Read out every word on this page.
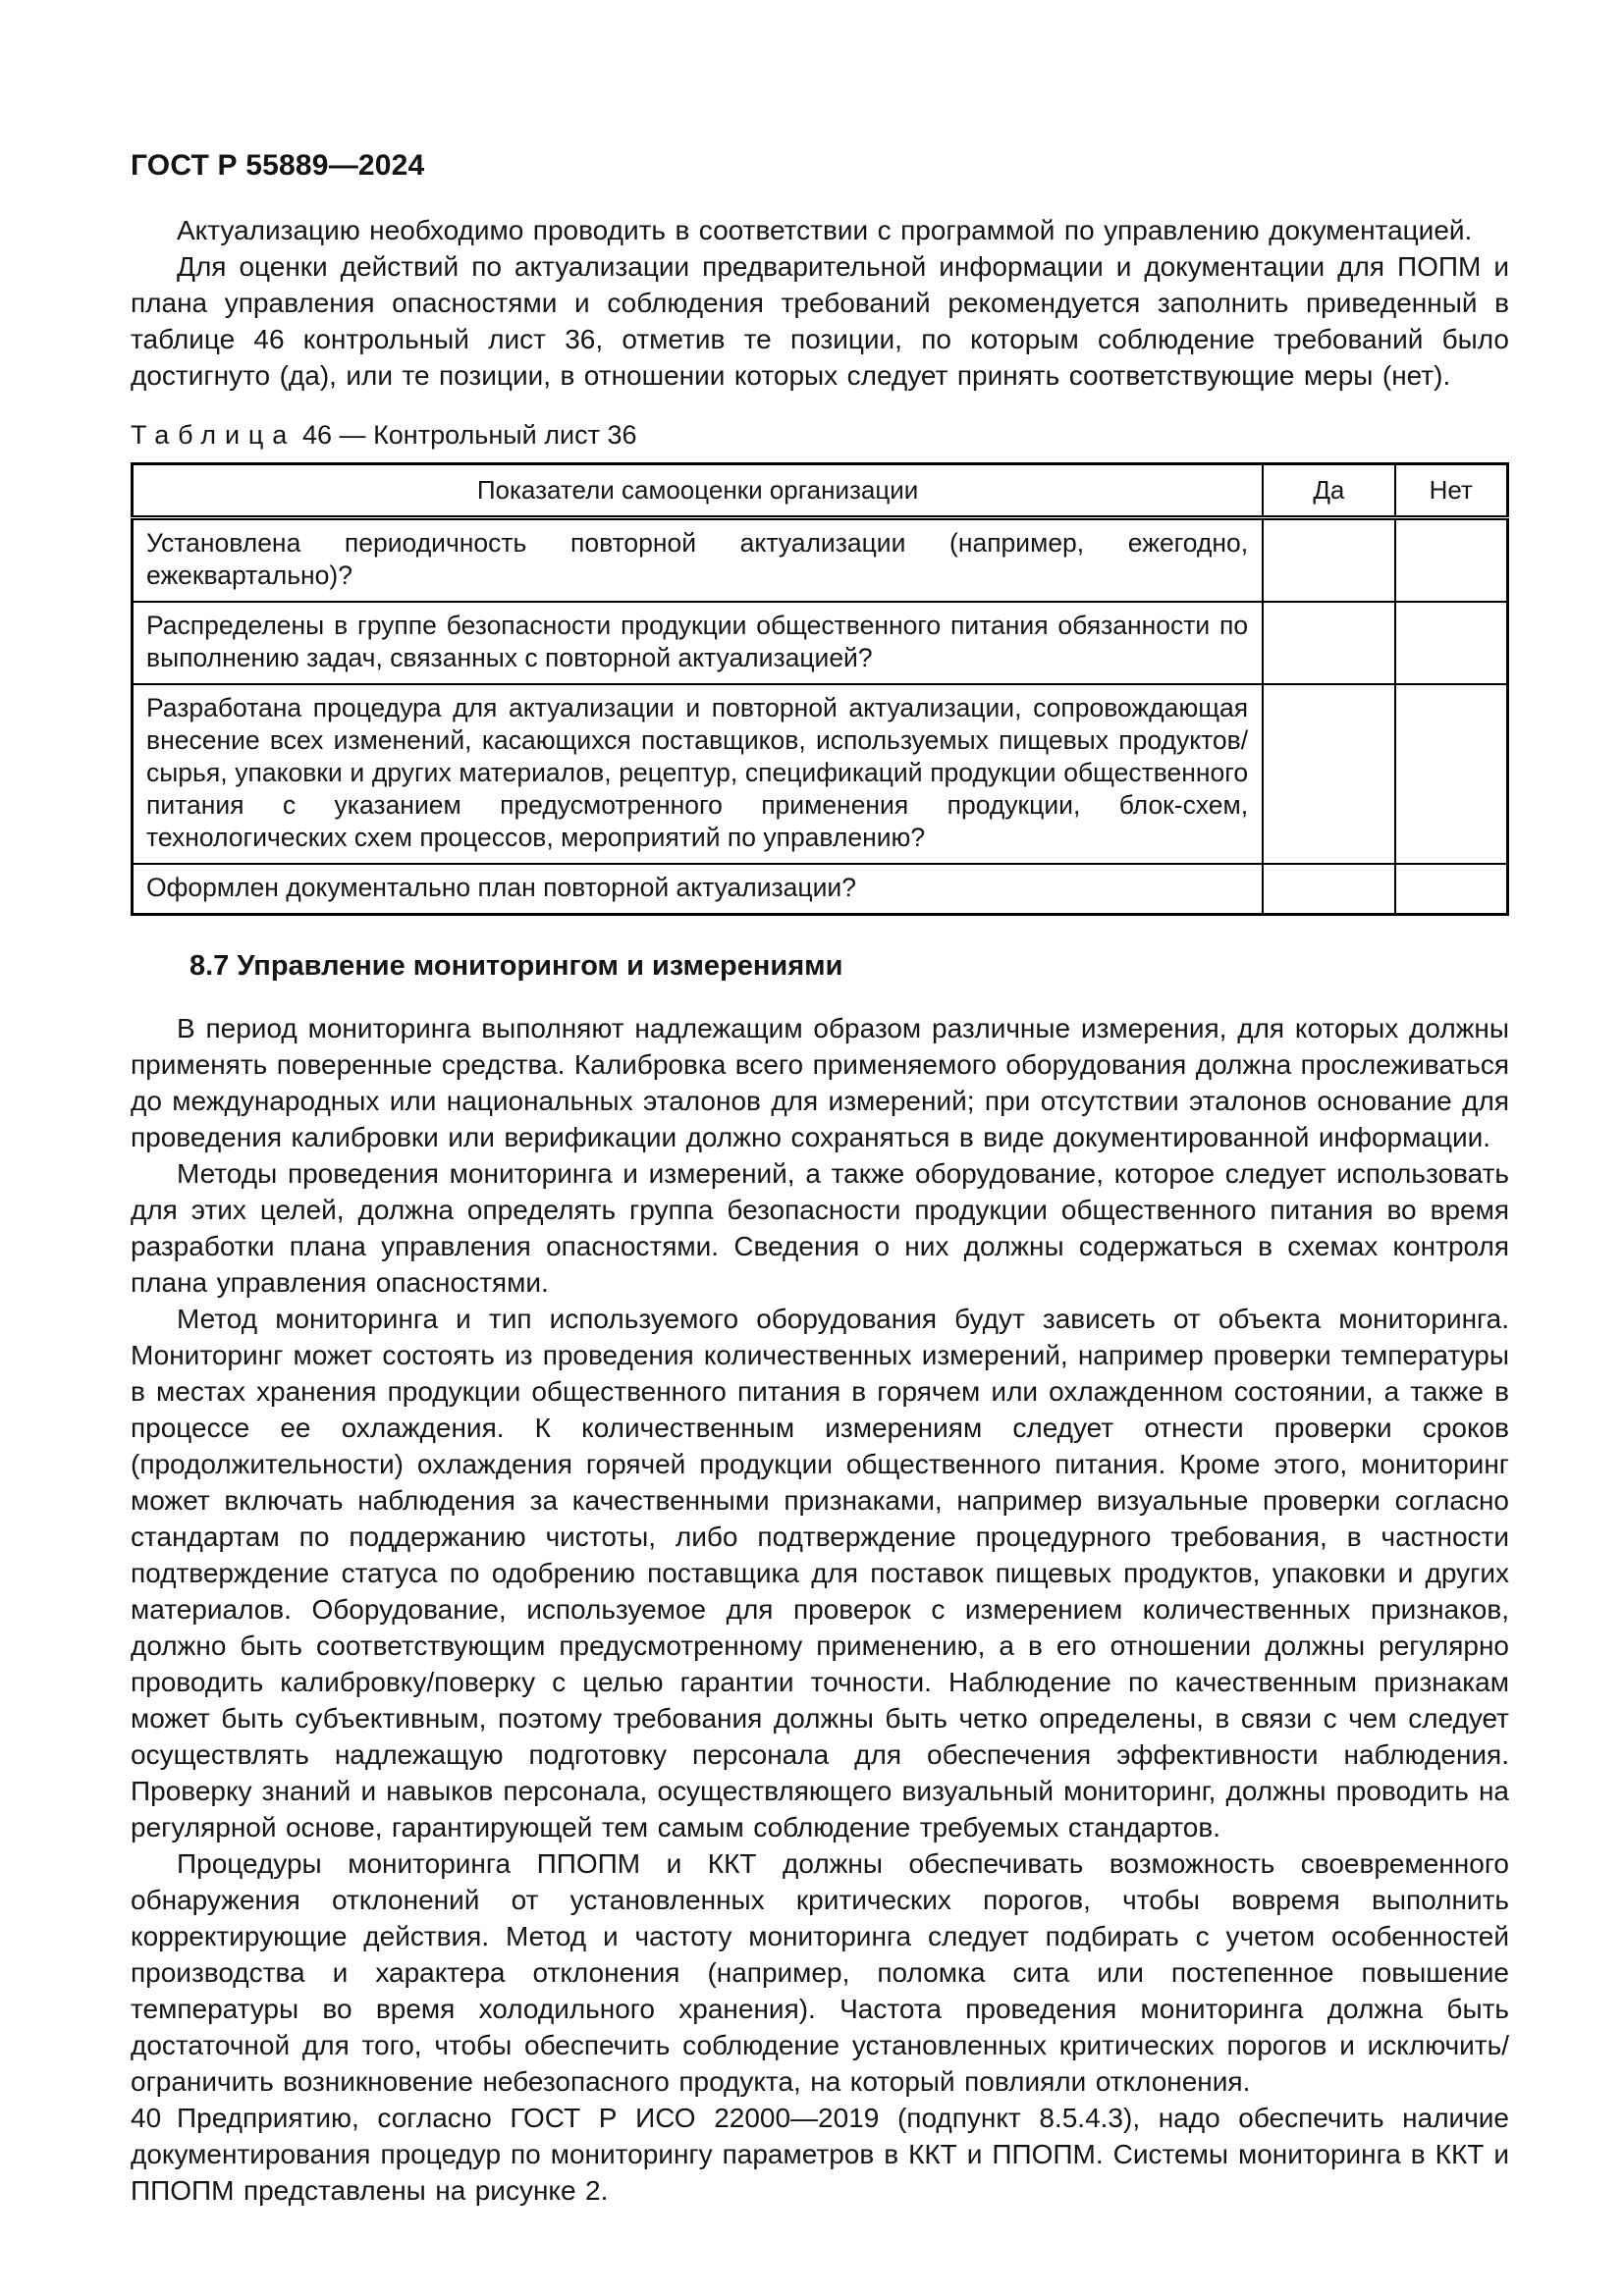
ГОСТ Р 55889—2024

Актуализацию необходимо проводить в соответствии с программой по управлению документацией.

Для оценки действий по актуализации предварительной информации и документации для ПОПМ и плана управления опасностями и соблюдения требований рекомендуется заполнить приведенный в таблице 46 контрольный лист 36, отметив те позиции, по которым соблюдение требований было достигнуто (да), или те позиции, в отношении которых следует принять соответствующие меры (нет).

Таблица 46 — Контрольный лист 36

Показатели самооценки организации	Да	Нет
Установлена периодичность повторной актуализации (например, ежегодно, ежеквартально)?		
Распределены в группе безопасности продукции общественного питания обязанности по выполнению задач, связанных с повторной актуализацией?		
Разработана процедура для актуализации и повторной актуализации, сопровождающая внесение всех изменений, касающихся поставщиков, используемых пищевых продуктов/сырья, упаковки и других материалов, рецептур, спецификаций продукции общественного питания с указанием предусмотренного применения продукции, блок-схем, технологических схем процессов, мероприятий по управлению?		
Оформлен документально план повторной актуализации?		
8.7 Управление мониторингом и измерениями

В период мониторинга выполняют надлежащим образом различные измерения, для которых должны применять поверенные средства. Калибровка всего применяемого оборудования должна прослеживаться до международных или национальных эталонов для измерений; при отсутствии эталонов основание для проведения калибровки или верификации должно сохраняться в виде документированной информации.

Методы проведения мониторинга и измерений, а также оборудование, которое следует использовать для этих целей, должна определять группа безопасности продукции общественного питания во время разработки плана управления опасностями. Сведения о них должны содержаться в схемах контроля плана управления опасностями.

Метод мониторинга и тип используемого оборудования будут зависеть от объекта мониторинга. Мониторинг может состоять из проведения количественных измерений, например проверки температуры в местах хранения продукции общественного питания в горячем или охлажденном состоянии, а также в процессе ее охлаждения. К количественным измерениям следует отнести проверки сроков (продолжительности) охлаждения горячей продукции общественного питания. Кроме этого, мониторинг может включать наблюдения за качественными признаками, например визуальные проверки согласно стандартам по поддержанию чистоты, либо подтверждение процедурного требования, в частности подтверждение статуса по одобрению поставщика для поставок пищевых продуктов, упаковки и других материалов. Оборудование, используемое для проверок с измерением количественных признаков, должно быть соответствующим предусмотренному применению, а в его отношении должны регулярно проводить калибровку/поверку с целью гарантии точности. Наблюдение по качественным признакам может быть субъективным, поэтому требования должны быть четко определены, в связи с чем следует осуществлять надлежащую подготовку персонала для обеспечения эффективности наблюдения. Проверку знаний и навыков персонала, осуществляющего визуальный мониторинг, должны проводить на регулярной основе, гарантирующей тем самым соблюдение требуемых стандартов.

Процедуры мониторинга ППОПМ и ККТ должны обеспечивать возможность своевременного обнаружения отклонений от установленных критических порогов, чтобы вовремя выполнить корректирующие действия. Метод и частоту мониторинга следует подбирать с учетом особенностей производства и характера отклонения (например, поломка сита или постепенное повышение температуры во время холодильного хранения). Частота проведения мониторинга должна быть достаточной для того, чтобы обеспечить соблюдение установленных критических порогов и исключить/ограничить возникновение небезопасного продукта, на который повлияли отклонения.

Предприятию, согласно ГОСТ Р ИСО 22000—2019 (подпункт 8.5.4.3), надо обеспечить наличие документирования процедур по мониторингу параметров в ККТ и ППОПМ. Системы мониторинга в ККТ и ППОПМ представлены на рисунке 2.

40
